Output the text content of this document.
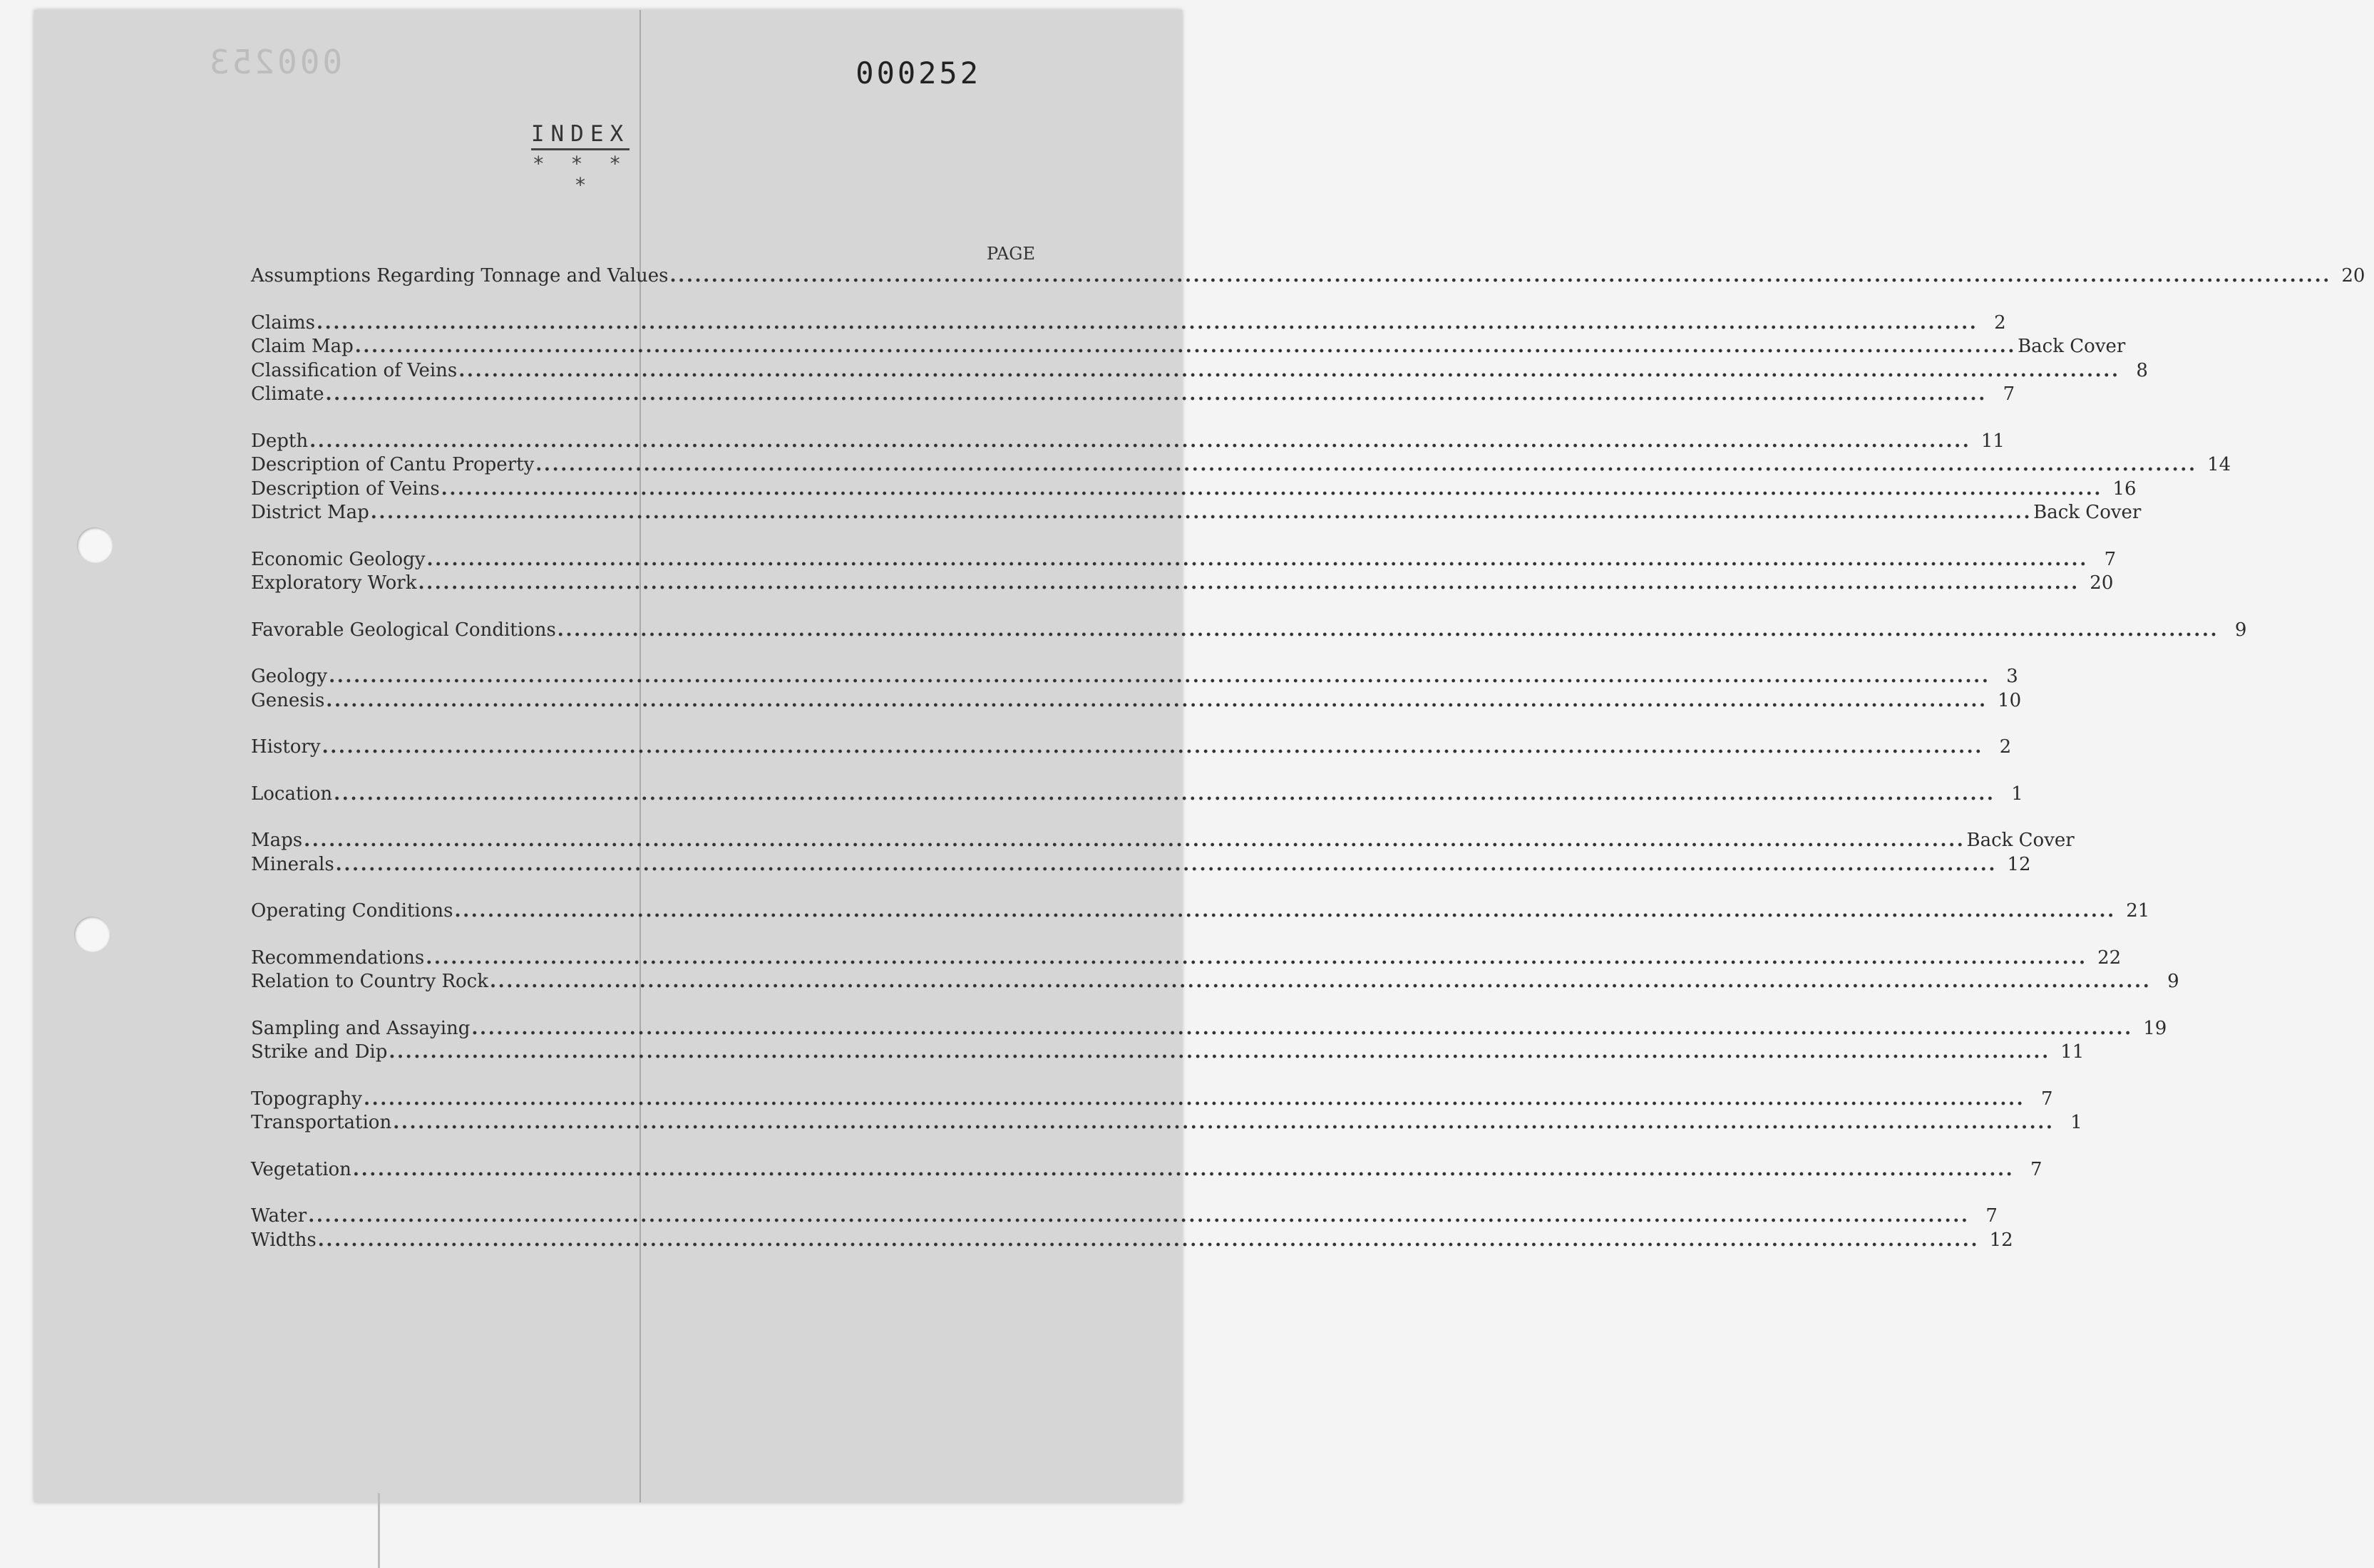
000253	000252
INDEX
* * *
*
PAGE
Assumptions Regarding Tonnage and Values ........................................................................................................................................................................................................ 20
Claims ........................................................................................................................................................................................................ 2
Claim Map ........................................................................................................................................................................................................ Back Cover
Classification of Veins ........................................................................................................................................................................................................ 8
Climate ........................................................................................................................................................................................................ 7
Depth ........................................................................................................................................................................................................ 11
Description of Cantu Property ........................................................................................................................................................................................................ 14
Description of Veins ........................................................................................................................................................................................................ 16
District Map ........................................................................................................................................................................................................ Back Cover
Economic Geology ........................................................................................................................................................................................................ 7
Exploratory Work ........................................................................................................................................................................................................ 20
Favorable Geological Conditions ........................................................................................................................................................................................................ 9
Geology ........................................................................................................................................................................................................ 3
Genesis ........................................................................................................................................................................................................ 10
History ........................................................................................................................................................................................................ 2
Location ........................................................................................................................................................................................................ 1
Maps ........................................................................................................................................................................................................ Back Cover
Minerals ........................................................................................................................................................................................................ 12
Operating Conditions ........................................................................................................................................................................................................ 21
Recommendations ........................................................................................................................................................................................................ 22
Relation to Country Rock ........................................................................................................................................................................................................ 9
Sampling and Assaying ........................................................................................................................................................................................................ 19
Strike and Dip ........................................................................................................................................................................................................ 11
Topography ........................................................................................................................................................................................................ 7
Transportation ........................................................................................................................................................................................................ 1
Vegetation ........................................................................................................................................................................................................ 7
Water ........................................................................................................................................................................................................ 7
Widths ........................................................................................................................................................................................................ 12
